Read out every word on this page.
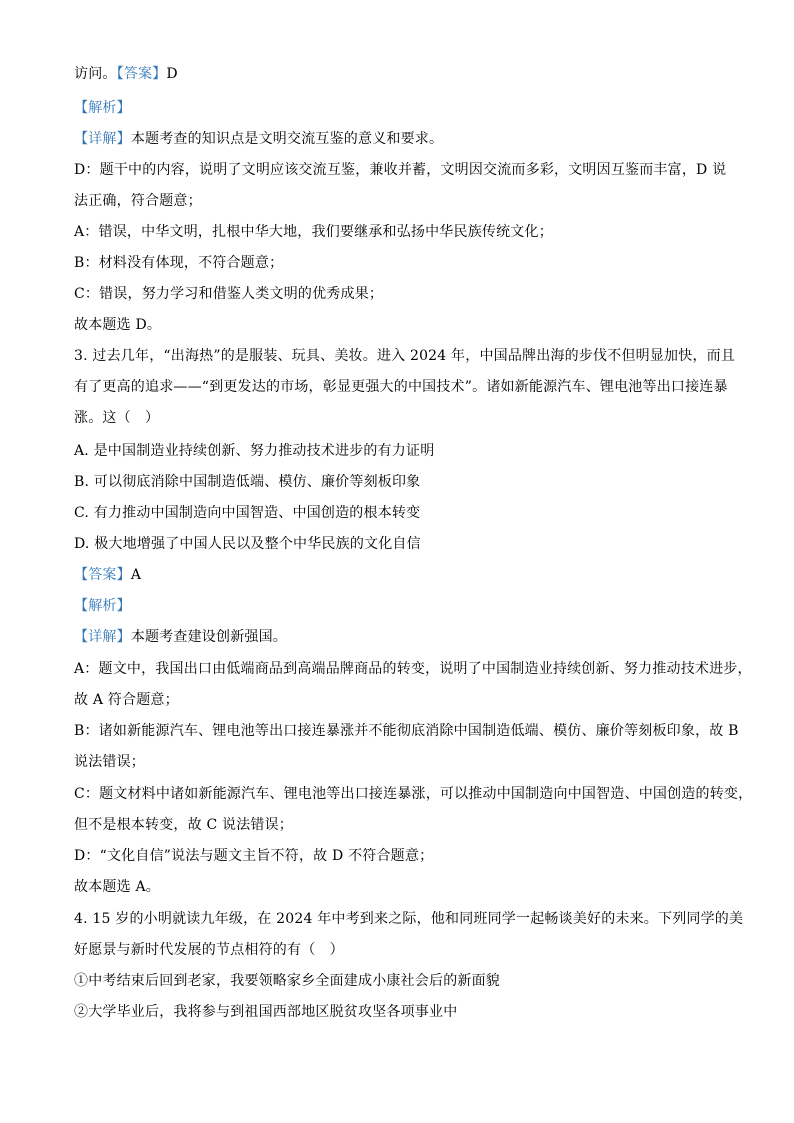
访问。【答案】D
【解析】
【详解】本题考查的知识点是文明交流互鉴的意义和要求。
D：题干中的内容，说明了文明应该交流互鉴，兼收并蓄，文明因交流而多彩，文明因互鉴而丰富，D 说
法正确，符合题意；
A：错误，中华文明，扎根中华大地，我们要继承和弘扬中华民族传统文化；
B：材料没有体现，不符合题意；
C：错误，努力学习和借鉴人类文明的优秀成果；
故本题选 D。
3. 过去几年，“出海热”的是服装、玩具、美妆。进入 2024 年，中国品牌出海的步伐不但明显加快，而且
有了更高的追求——“到更发达的市场，彰显更强大的中国技术”。诸如新能源汽车、锂电池等出口接连暴
涨。这（　）
A. 是中国制造业持续创新、努力推动技术进步的有力证明
B. 可以彻底消除中国制造低端、模仿、廉价等刻板印象
C. 有力推动中国制造向中国智造、中国创造的根本转变
D. 极大地增强了中国人民以及整个中华民族的文化自信
【答案】A
【解析】
【详解】本题考查建设创新强国。
A：题文中，我国出口由低端商品到高端品牌商品的转变，说明了中国制造业持续创新、努力推动技术进步，
故 A 符合题意；
B：诸如新能源汽车、锂电池等出口接连暴涨并不能彻底消除中国制造低端、模仿、廉价等刻板印象，故 B
说法错误；
C：题文材料中诸如新能源汽车、锂电池等出口接连暴涨，可以推动中国制造向中国智造、中国创造的转变，
但不是根本转变，故 C 说法错误；
D：“文化自信”说法与题文主旨不符，故 D 不符合题意；
故本题选 A。
4. 15 岁的小明就读九年级，在 2024 年中考到来之际，他和同班同学一起畅谈美好的未来。下列同学的美
好愿景与新时代发展的节点相符的有（　）
①中考结束后回到老家，我要领略家乡全面建成小康社会后的新面貌
②大学毕业后，我将参与到祖国西部地区脱贫攻坚各项事业中
